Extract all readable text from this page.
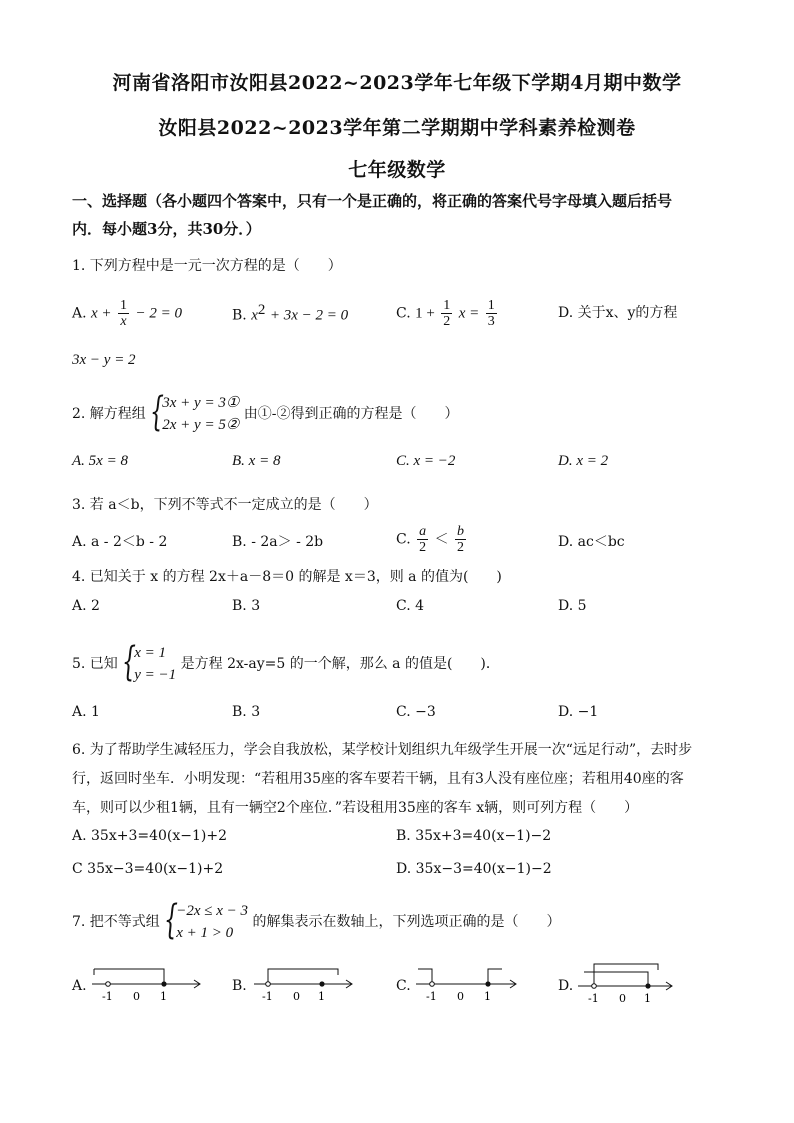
河南省洛阳市汝阳县2022~2023学年七年级下学期4月期中数学
汝阳县2022~2023学年第二学期期中学科素养检测卷
七年级数学
一、选择题（各小题四个答案中，只有一个是正确的，将正确的答案代号字母填入题后括号
内．每小题3分，共30分．）
1. 下列方程中是一元一次方程的是（　　）
A. $x + \frac{1}{x} - 2 = 0$	B. $x^2 + 3x - 2 = 0$	C. $1 + \frac{1}{2}$ $x = \frac{1}{3}$	D. 关于x、y的方程
3x − y = 2
2. 解方程组 {
3x + y = 3①
2x + y = 5②
由①-②得到正确的方程是（　　）
A. 5x = 8	B. x = 8	C. x = −2	D. x = 2
3. 若 a＜b，下列不等式不一定成立的是（　　）
A. a - 2＜b - 2	B. - 2a＞ - 2b	C. $\frac{a}{2} < \frac{b}{2}$	D. ac＜bc
4. 已知关于 x 的方程 2x＋a－8＝0 的解是 x＝3，则 a 的值为(　　)
A. 2	B. 3	C. 4	D. 5
5. 已知 {
x = 1
y = −1
是方程 2x-ay=5 的一个解，那么 a 的值是(　　)．
A. 1	B. 3	C. −3	D. −1
6. 为了帮助学生减轻压力，学会自我放松，某学校计划组织九年级学生开展一次“远足行动”，去时步
行，返回时坐车．小明发现：“若租用35座的客车要若干辆，且有3人没有座位座；若租用40座的客
车，则可以少租1辆，且有一辆空2个座位．”若设租用35座的客车 x辆，则可列方程（　　）
A. 35x+3=40(x−1)+2	B. 35x+3=40(x−1)−2
C 35x−3=40(x−1)+2	D. 35x−3=40(x−1)−2
7. 把不等式组 {
−2x ≤ x − 3
x + 1 > 0
的解集表示在数轴上，下列选项正确的是（　　）
A.
-1 0 1
B.
-1 0 1
C.
-1 0 1
D.
-1 0 1
